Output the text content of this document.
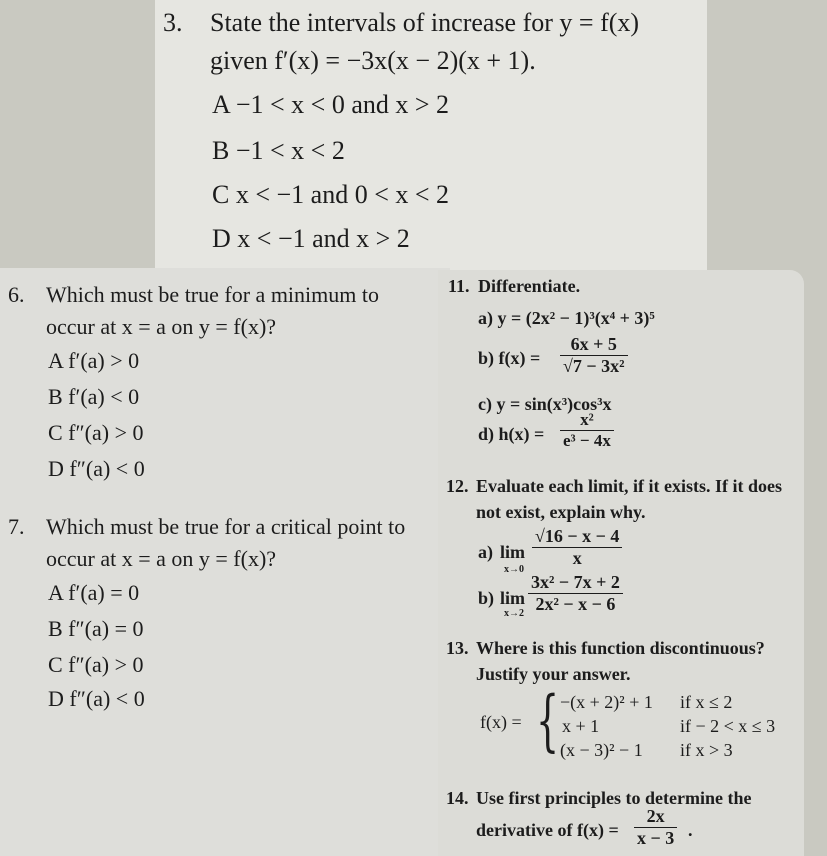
3. State the intervals of increase for y = f(x)
given f′(x) = −3x(x − 2)(x + 1).
A −1 < x < 0 and x > 2
B −1 < x < 2
C x < −1 and 0 < x < 2
D x < −1 and x > 2
6. Which must be true for a minimum to
occur at x = a on y = f(x)?
A f′(a) > 0
B f′(a) < 0
C f″(a) > 0
D f″(a) < 0
7. Which must be true for a critical point to
occur at x = a on y = f(x)?
A f′(a) = 0
B f″(a) = 0
C f″(a) > 0
D f″(a) < 0
11. Differentiate.
a) y = (2x² − 1)³(x⁴ + 3)⁵
b) $f(x) = \frac{6x + 5}{\text{√7 − 3x²}}$
c) y = sin(x³)cos³x
d) $h(x) = \frac{\text{x²}}{\text{e³ − 4x}}$
12. Evaluate each limit, if it exists. If it does
not exist, explain why.
a) lim
x→0
$\frac{√16 - x - 4}{x}$
b) lim
$x\to 2 \frac{\text{3x² − 7x + 2}}{\text{2x² − x − 6}}$
13. Where is this function discontinuous?
Justify your answer.
f(x) = { −(x + 2)² + 1 if x ≤ 2
x + 1	if − 2 < x ≤ 3
(x − 3)² − 1 if x > 3
14. Use first principles to determine the
derivative of $f(x) = \frac{2x}{x - 3}$ .
